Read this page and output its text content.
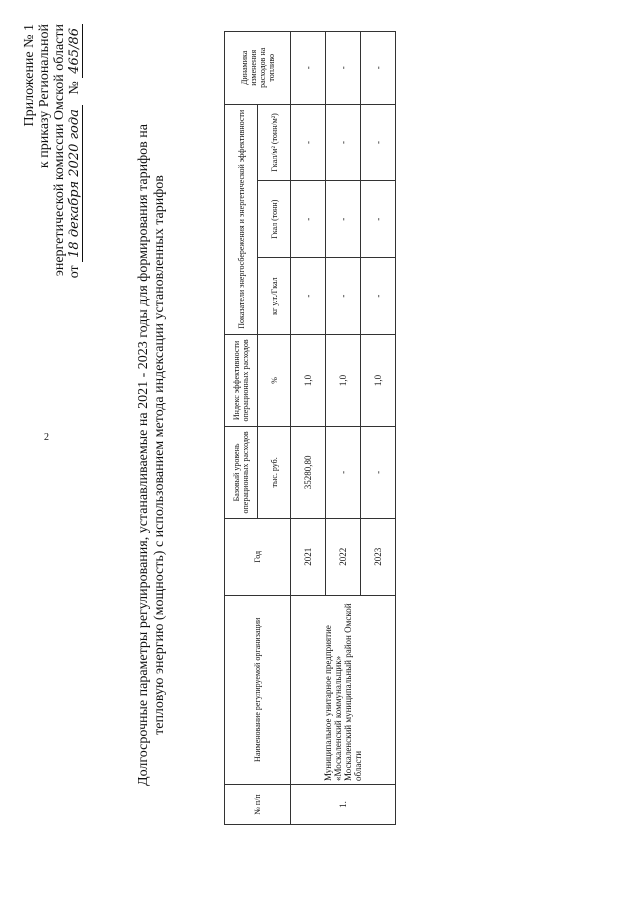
2
Приложение № 1 к приказу Региональной энергетической комиссии Омской области от 18 декабря 2020 года   № 465/86
Долгосрочные параметры регулирования, устанавливаемые на 2021 - 2023 годы для формирования тарифов на тепловую энергию (мощность) с использованием метода индексации установленных тарифов
№ п/п	Наименование регулируемой организации	Год	Базовый уровень операционных расходов	Индекс эффективности операционных расходов	Показатели энергосбережения и энергетической эффективности			Динамика изменения расходов на топливо
			тыс. руб.	%	кг у.т./Гкал	Гкал (тонн)	Гкал/м² (тонн/м²)	
1.	Муниципальное унитарное предприятие «Москаленский коммунальщик» Москаленский муниципальный район Омской области	2021	35280,80	1,0	-	-	-	-
		2022	-	1,0	-	-	-	-
		2023	-	1,0	-	-	-	-
